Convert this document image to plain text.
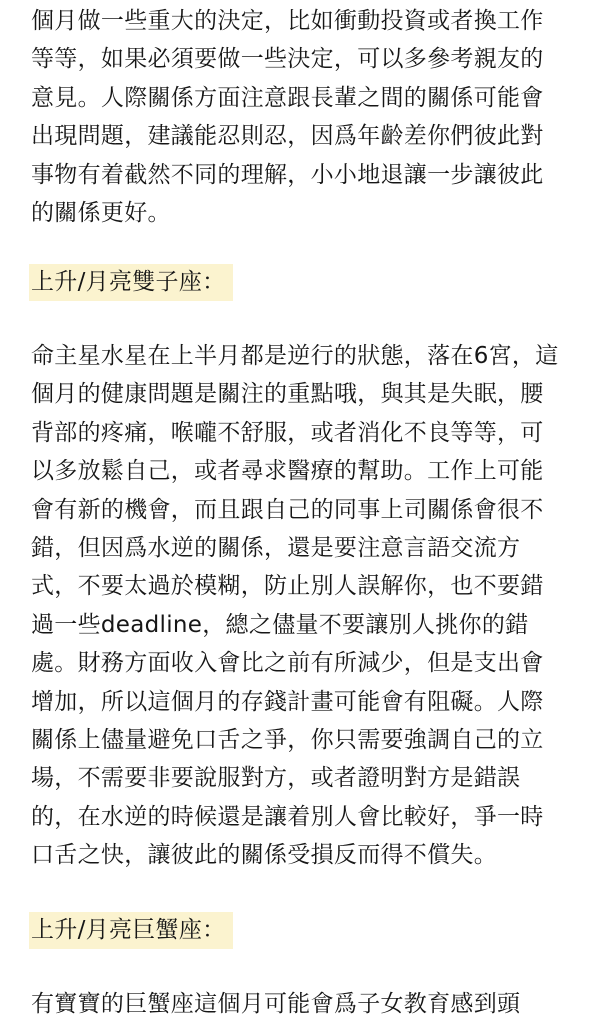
個月做一些重大的決定，比如衝動投資或者換工作
等等，如果必須要做一些決定，可以多參考親友的
意見。人際關係方面注意跟長輩之間的關係可能會
出現問題，建議能忍則忍，因爲年齡差你們彼此對
事物有着截然不同的理解，小小地退讓一步讓彼此
的關係更好。

上升/月亮雙子座：

命主星水星在上半月都是逆行的狀態，落在6宮，這
個月的健康問題是關注的重點哦，與其是失眠，腰
背部的疼痛，喉嚨不舒服，或者消化不良等等，可
以多放鬆自己，或者尋求醫療的幫助。工作上可能
會有新的機會，而且跟自己的同事上司關係會很不
錯，但因爲水逆的關係，還是要注意言語交流方
式，不要太過於模糊，防止別人誤解你，也不要錯
過一些deadline，總之儘量不要讓別人挑你的錯
處。財務方面收入會比之前有所減少，但是支出會
增加，所以這個月的存錢計畫可能會有阻礙。人際
關係上儘量避免口舌之爭，你只需要強調自己的立
場，不需要非要說服對方，或者證明對方是錯誤
的，在水逆的時候還是讓着別人會比較好，爭一時
口舌之快，讓彼此的關係受損反而得不償失。

上升/月亮巨蟹座：

有寶寶的巨蟹座這個月可能會爲子女教育感到頭
